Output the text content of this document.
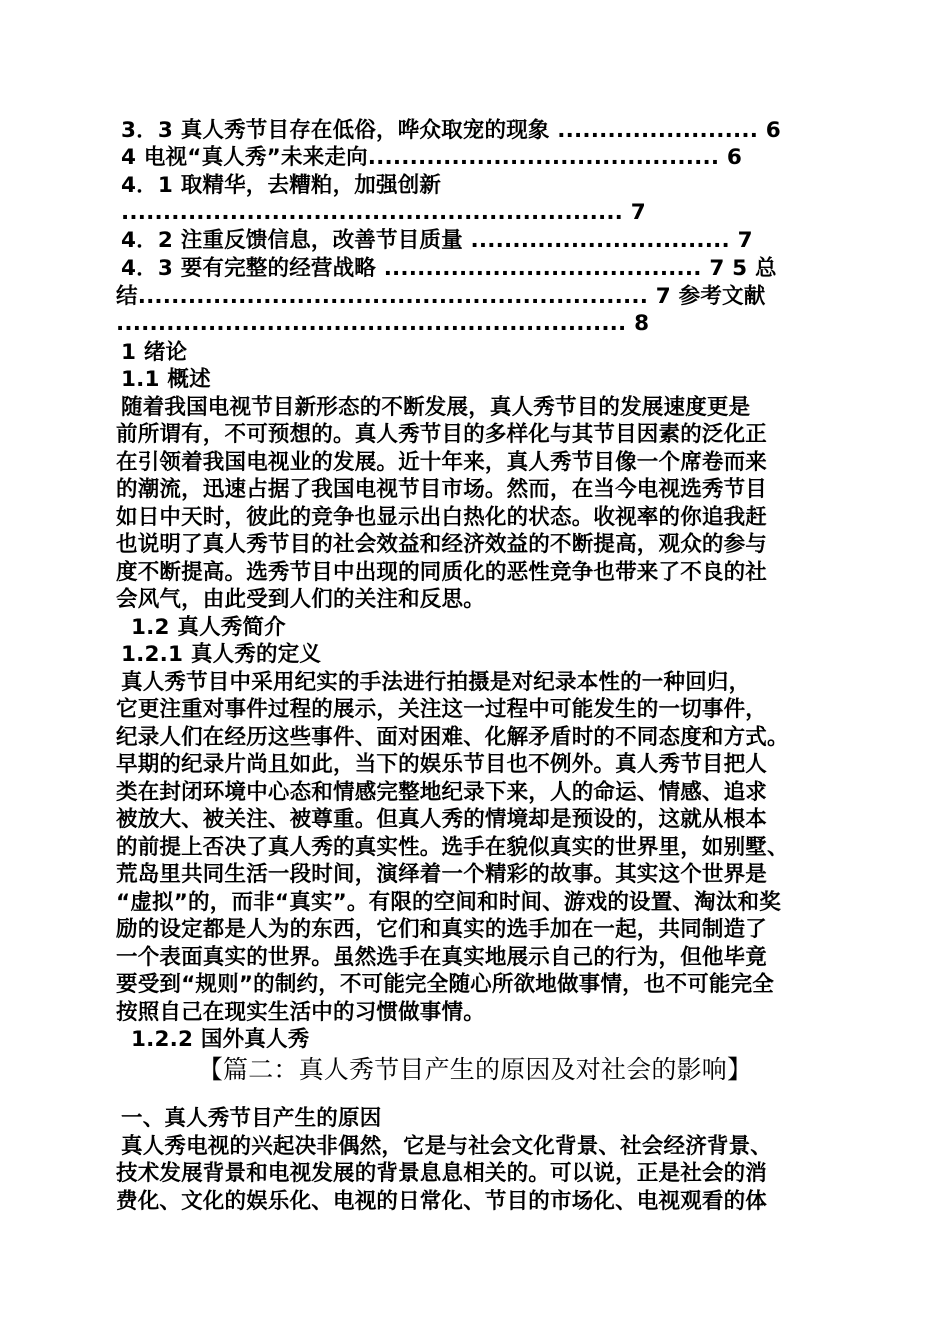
3．3 真人秀节目存在低俗，哗众取宠的现象 ........................ 6
4 电视“真人秀”未来走向.......................................... 6
4．1 取精华，去糟粕，加强创新
............................................................ 7
4．2 注重反馈信息，改善节目质量 ............................... 7
4．3 要有完整的经营战略 ...................................... 7 5 总
结............................................................. 7 参考文献
............................................................. 8
1 绪论
1.1 概述
随着我国电视节目新形态的不断发展，真人秀节目的发展速度更是
前所谓有，不可预想的。真人秀节目的多样化与其节目因素的泛化正
在引领着我国电视业的发展。近十年来，真人秀节目像一个席卷而来
的潮流，迅速占据了我国电视节目市场。然而，在当今电视选秀节目
如日中天时，彼此的竞争也显示出白热化的状态。收视率的你追我赶
也说明了真人秀节目的社会效益和经济效益的不断提高，观众的参与
度不断提高。选秀节目中出现的同质化的恶性竞争也带来了不良的社
会风气，由此受到人们的关注和反思。
1.2 真人秀简介
1.2.1 真人秀的定义
真人秀节目中采用纪实的手法进行拍摄是对纪录本性的一种回归，
它更注重对事件过程的展示，关注这一过程中可能发生的一切事件，
纪录人们在经历这些事件、面对困难、化解矛盾时的不同态度和方式。
早期的纪录片尚且如此，当下的娱乐节目也不例外。真人秀节目把人
类在封闭环境中心态和情感完整地纪录下来，人的命运、情感、追求
被放大、被关注、被尊重。但真人秀的情境却是预设的，这就从根本
的前提上否决了真人秀的真实性。选手在貌似真实的世界里，如别墅、
荒岛里共同生活一段时间，演绎着一个精彩的故事。其实这个世界是
“虚拟”的，而非“真实”。有限的空间和时间、游戏的设置、淘汰和奖
励的设定都是人为的东西，它们和真实的选手加在一起，共同制造了
一个表面真实的世界。虽然选手在真实地展示自己的行为，但他毕竟
要受到“规则”的制约，不可能完全随心所欲地做事情，也不可能完全
按照自己在现实生活中的习惯做事情。
1.2.2 国外真人秀
【篇二：真人秀节目产生的原因及对社会的影响】
一、真人秀节目产生的原因
真人秀电视的兴起决非偶然，它是与社会文化背景、社会经济背景、
技术发展背景和电视发展的背景息息相关的。可以说，正是社会的消
费化、文化的娱乐化、电视的日常化、节目的市场化、电视观看的体
